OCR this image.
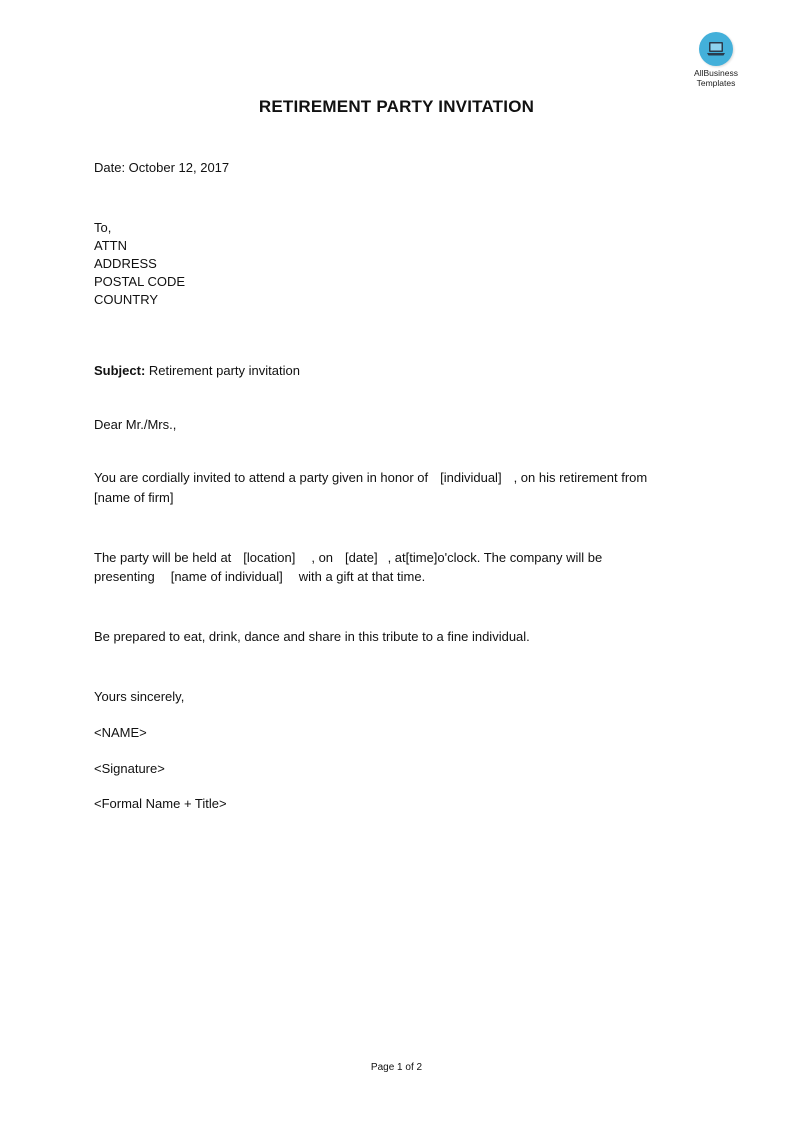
AllBusiness
Templates
RETIREMENT PARTY INVITATION
Date: October 12, 2017
To,
ATTN
ADDRESS
POSTAL CODE
COUNTRY
Subject: Retirement party invitation
Dear Mr./Mrs.,
You are cordially invited to attend a party given in honor of [individual] , on his retirement from
[name of firm]
The party will be held at [location] , on [date] , at[time]o'clock. The company will be
presenting [name of individual] with a gift at that time.
Be prepared to eat, drink, dance and share in this tribute to a fine individual.
Yours sincerely,
<NAME>
<Signature>
<Formal Name + Title>
Page 1 of 2
